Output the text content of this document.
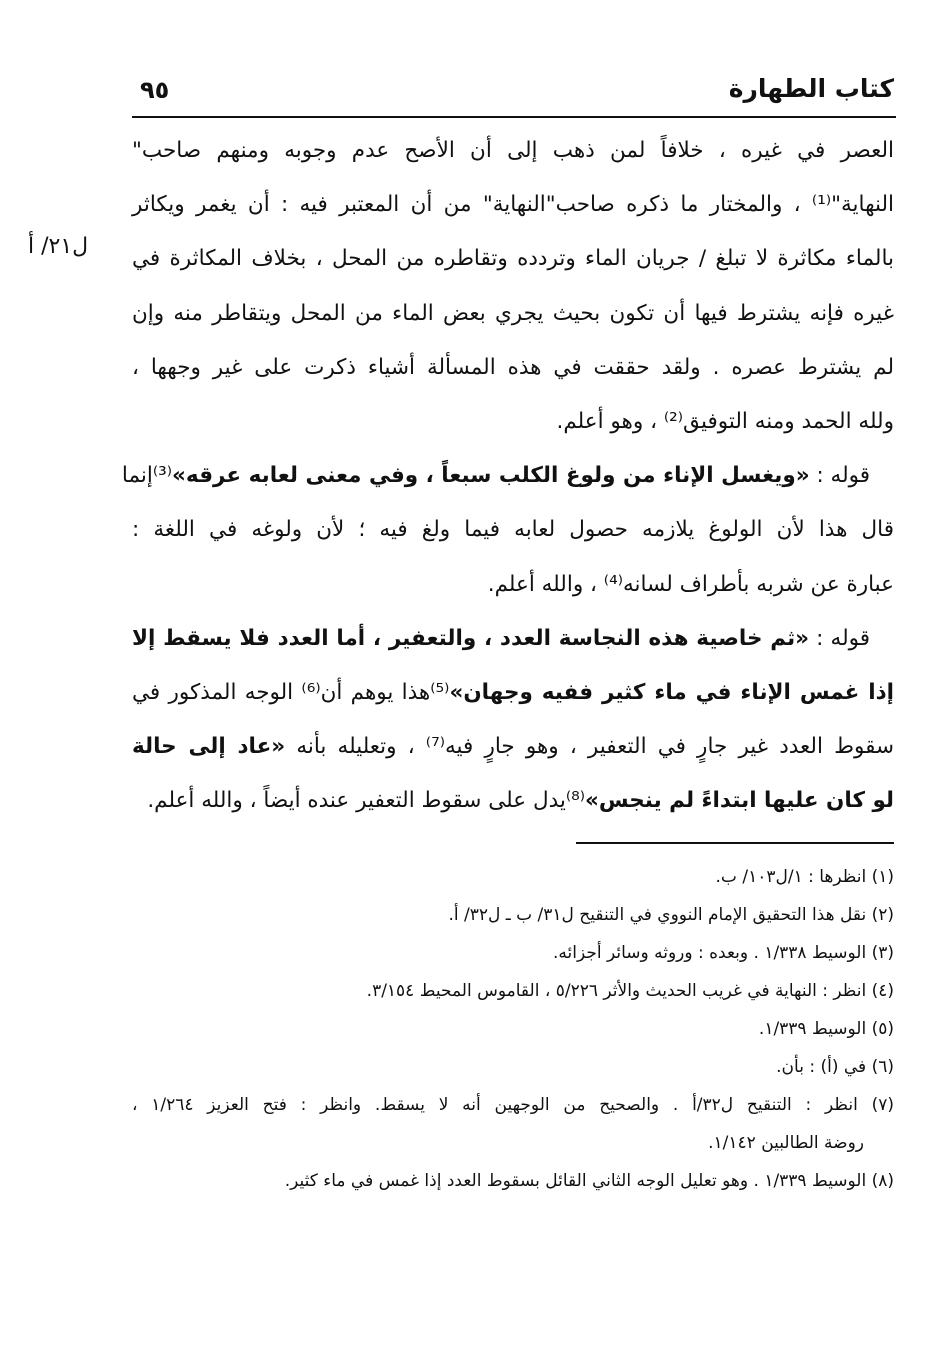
كتاب الطهارة
٩٥
ل٢١/ أ
العصر في غيره ، خلافاً لمن ذهب إلى أن الأصح عدم وجوبه ومنهم صاحب"
النهاية"⁽¹⁾ ، والمختار ما ذكره صاحب"النهاية" من أن المعتبر فيه : أن يغمر ويكاثر
بالماء مكاثرة لا تبلغ / جريان الماء وتردده وتقاطره من المحل ، بخلاف المكاثرة في
غيره فإنه يشترط فيها أن تكون بحيث يجري بعض الماء من المحل ويتقاطر منه وإن
لم يشترط عصره . ولقد حققت في هذه المسألة أشياء ذكرت على غير وجهها ،
ولله الحمد ومنه التوفيق⁽²⁾ ، وهو أعلم.
قوله : «ويغسل الإناء من ولوغ الكلب سبعاً ، وفي معنى لعابه عرقه»⁽³⁾إنما
قال هذا لأن الولوغ يلازمه حصول لعابه فيما ولغ فيه ؛ لأن ولوغه في اللغة :
عبارة عن شربه بأطراف لسانه⁽⁴⁾ ، والله أعلم.
قوله : «ثم خاصية هذه النجاسة العدد ، والتعفير ، أما العدد فلا يسقط إلا
إذا غمس الإناء في ماء كثير ففيه وجهان»⁽⁵⁾هذا يوهم أن⁽⁶⁾ الوجه المذكور في
سقوط العدد غير جارٍ في التعفير ، وهو جارٍ فيه⁽⁷⁾ ، وتعليله بأنه «عاد إلى حالة
لو كان عليها ابتداءً لم ينجس»⁽⁸⁾يدل على سقوط التعفير عنده أيضاً ، والله أعلم.
(١) انظرها : ١/ل١٠٣/ ب.
(٢) نقل هذا التحقيق الإمام النووي في التنقيح ل٣١/ ب ـ ل٣٢/ أ.
(٣) الوسيط ١/٣٣٨ . وبعده : وروثه وسائر أجزائه.
(٤) انظر : النهاية في غريب الحديث والأثر ٥/٢٢٦ ، القاموس المحيط ٣/١٥٤.
(٥) الوسيط ١/٣٣٩.
(٦) في (أ) : بأن.
(٧) انظر : التنقيح ل٣٢/أ . والصحيح من الوجهين أنه لا يسقط. وانظر : فتح العزيز ١/٢٦٤ ،
روضة الطالبين ١/١٤٢.
(٨) الوسيط ١/٣٣٩ . وهو تعليل الوجه الثاني القائل بسقوط العدد إذا غمس في ماء كثير.
